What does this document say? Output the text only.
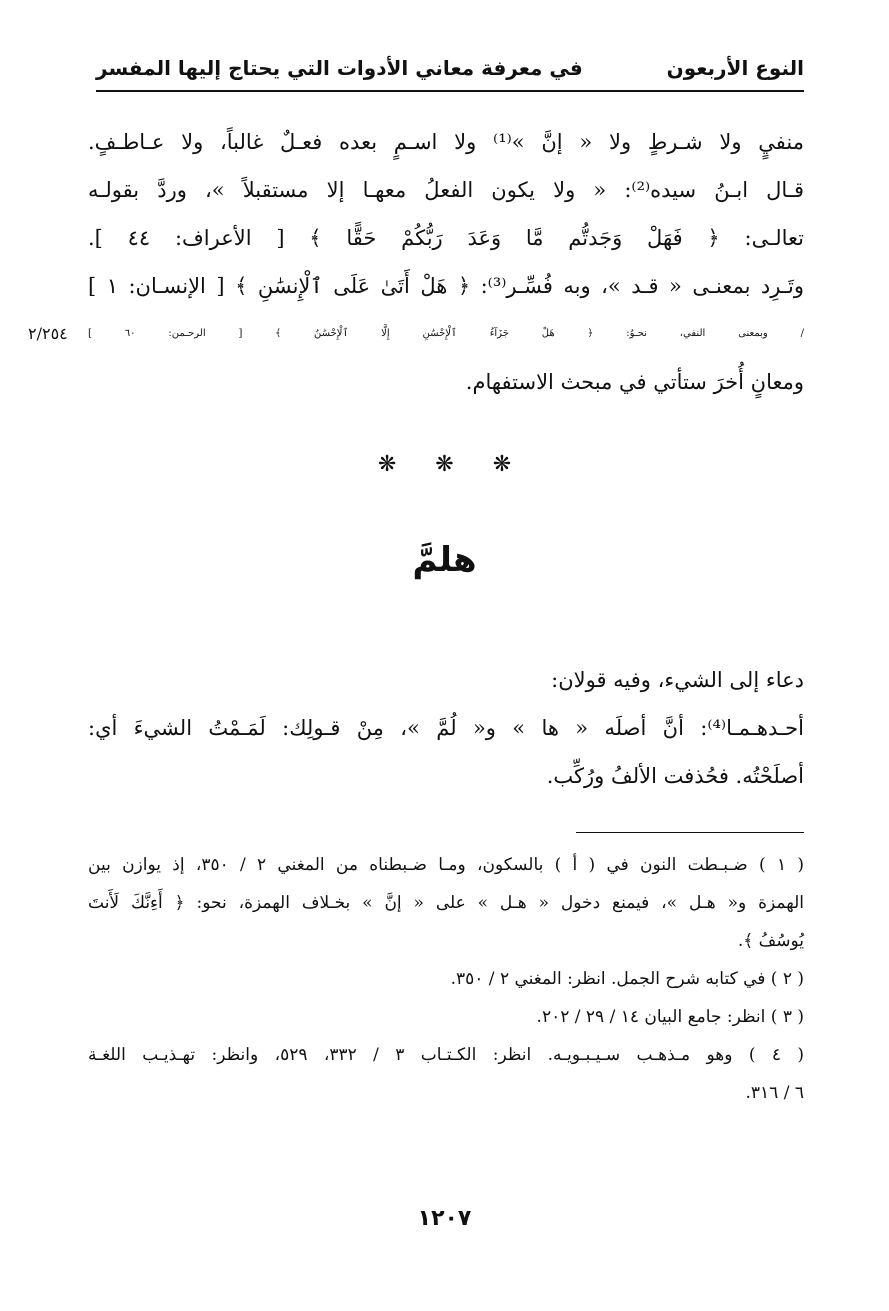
النوع الأربعون
في معرفة معاني الأدوات التي يحتاج إليها المفسر
منفيٍ ولا شـرطٍ ولا « إنَّ »⁽¹⁾ ولا اسـمٍ بعده فعـلٌ غالباً، ولا عـاطـفٍ.
قـال ابـنُ سيده⁽²⁾: « ولا يكون الفعلُ معهـا إلا مستقبلاً »، وردَّ بقولـه
تعالـى: ﴿ فَهَلْ وَجَدتُّم مَّا وَعَدَ رَبُّكُمْ حَقًّا ﴾ [ الأعراف: ٤٤ ].
وتَـرِد بمعنـى « قـد »، وبه فُسِّـر⁽³⁾: ﴿ هَلْ أَتَىٰ عَلَى ٱلْإِنسَٰنِ ﴾ [ الإنسـان: ١ ]
/ وبمعنى النفي، نحـوُ: ﴿ هَلْ جَزَآءُ ٱلْإِحْسَٰنِ إِلَّا ٱلْإِحْسَٰنُ ﴾ [ الرحـمن: ٦٠ ]
٢/٢٥٤
ومعانٍ أُخرَ ستأتي في مبحث الاستفهام.
❋ ❋ ❋
هلمَّ
دعاء إلى الشيء، وفيه قولان:
أحـدهـمـا⁽⁴⁾: أنَّ أصلَه « ها » و« لُمَّ »، مِنْ قـولِك: لَمَـمْتُ الشيءَ أي:
أصلَحْتُه. فحُذفت الألفُ ورُكِّب.
( ١ ) ضـبـطت النون في ( أ ) بالسكون، ومـا ضـبطناه من المغني ٢ / ٣٥٠، إذ يوازن بين
الهمزة و« هـل »، فيمنع دخول « هـل » على « إنَّ » بخـلاف الهمزة، نحو: ﴿ أَءِنَّكَ لَأَنتَ
يُوسُفُ ﴾.
( ٢ ) في كتابه شرح الجمل. انظر: المغني ٢ / ٣٥٠.
( ٣ ) انظر: جامع البيان ١٤ / ٢٩ / ٢٠٢.
( ٤ ) وهو مـذهـب سـيـبـويـه. انظر: الكـتـاب ٣ / ٣٣٢، ٥٢٩، وانظر: تهـذيـب اللغـة
٦ / ٣١٦.
١٢٠٧
